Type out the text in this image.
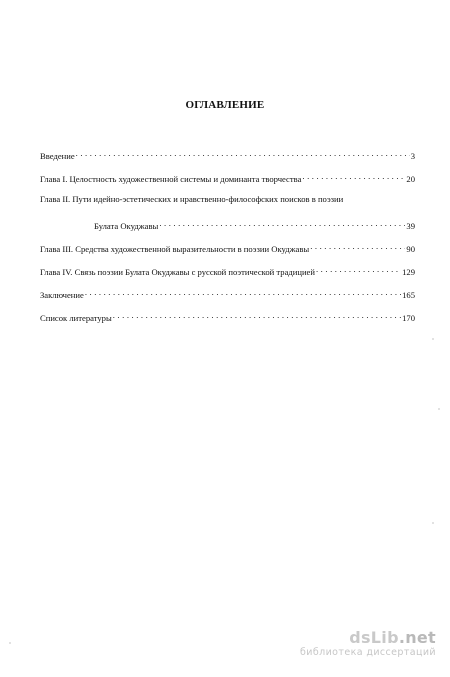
ОГЛАВЛЕНИЕ
Введение . . .	3
Глава I. Целостность художественной системы и доминанта творчества . . .	20
Глава II. Пути идейно-эстетических и нравственно-философских поисков в поэзии
Булата Окуджавы . . .	39
Глава III. Средства художественной выразительности в поэзии Окуджавы . . .	90
Глава IV. Связь поэзии Булата Окуджавы с русской поэтической традицией . . .	129
Заключение . . .	165
Список литературы . . .	170
dsLib.net
библиотека диссертаций
